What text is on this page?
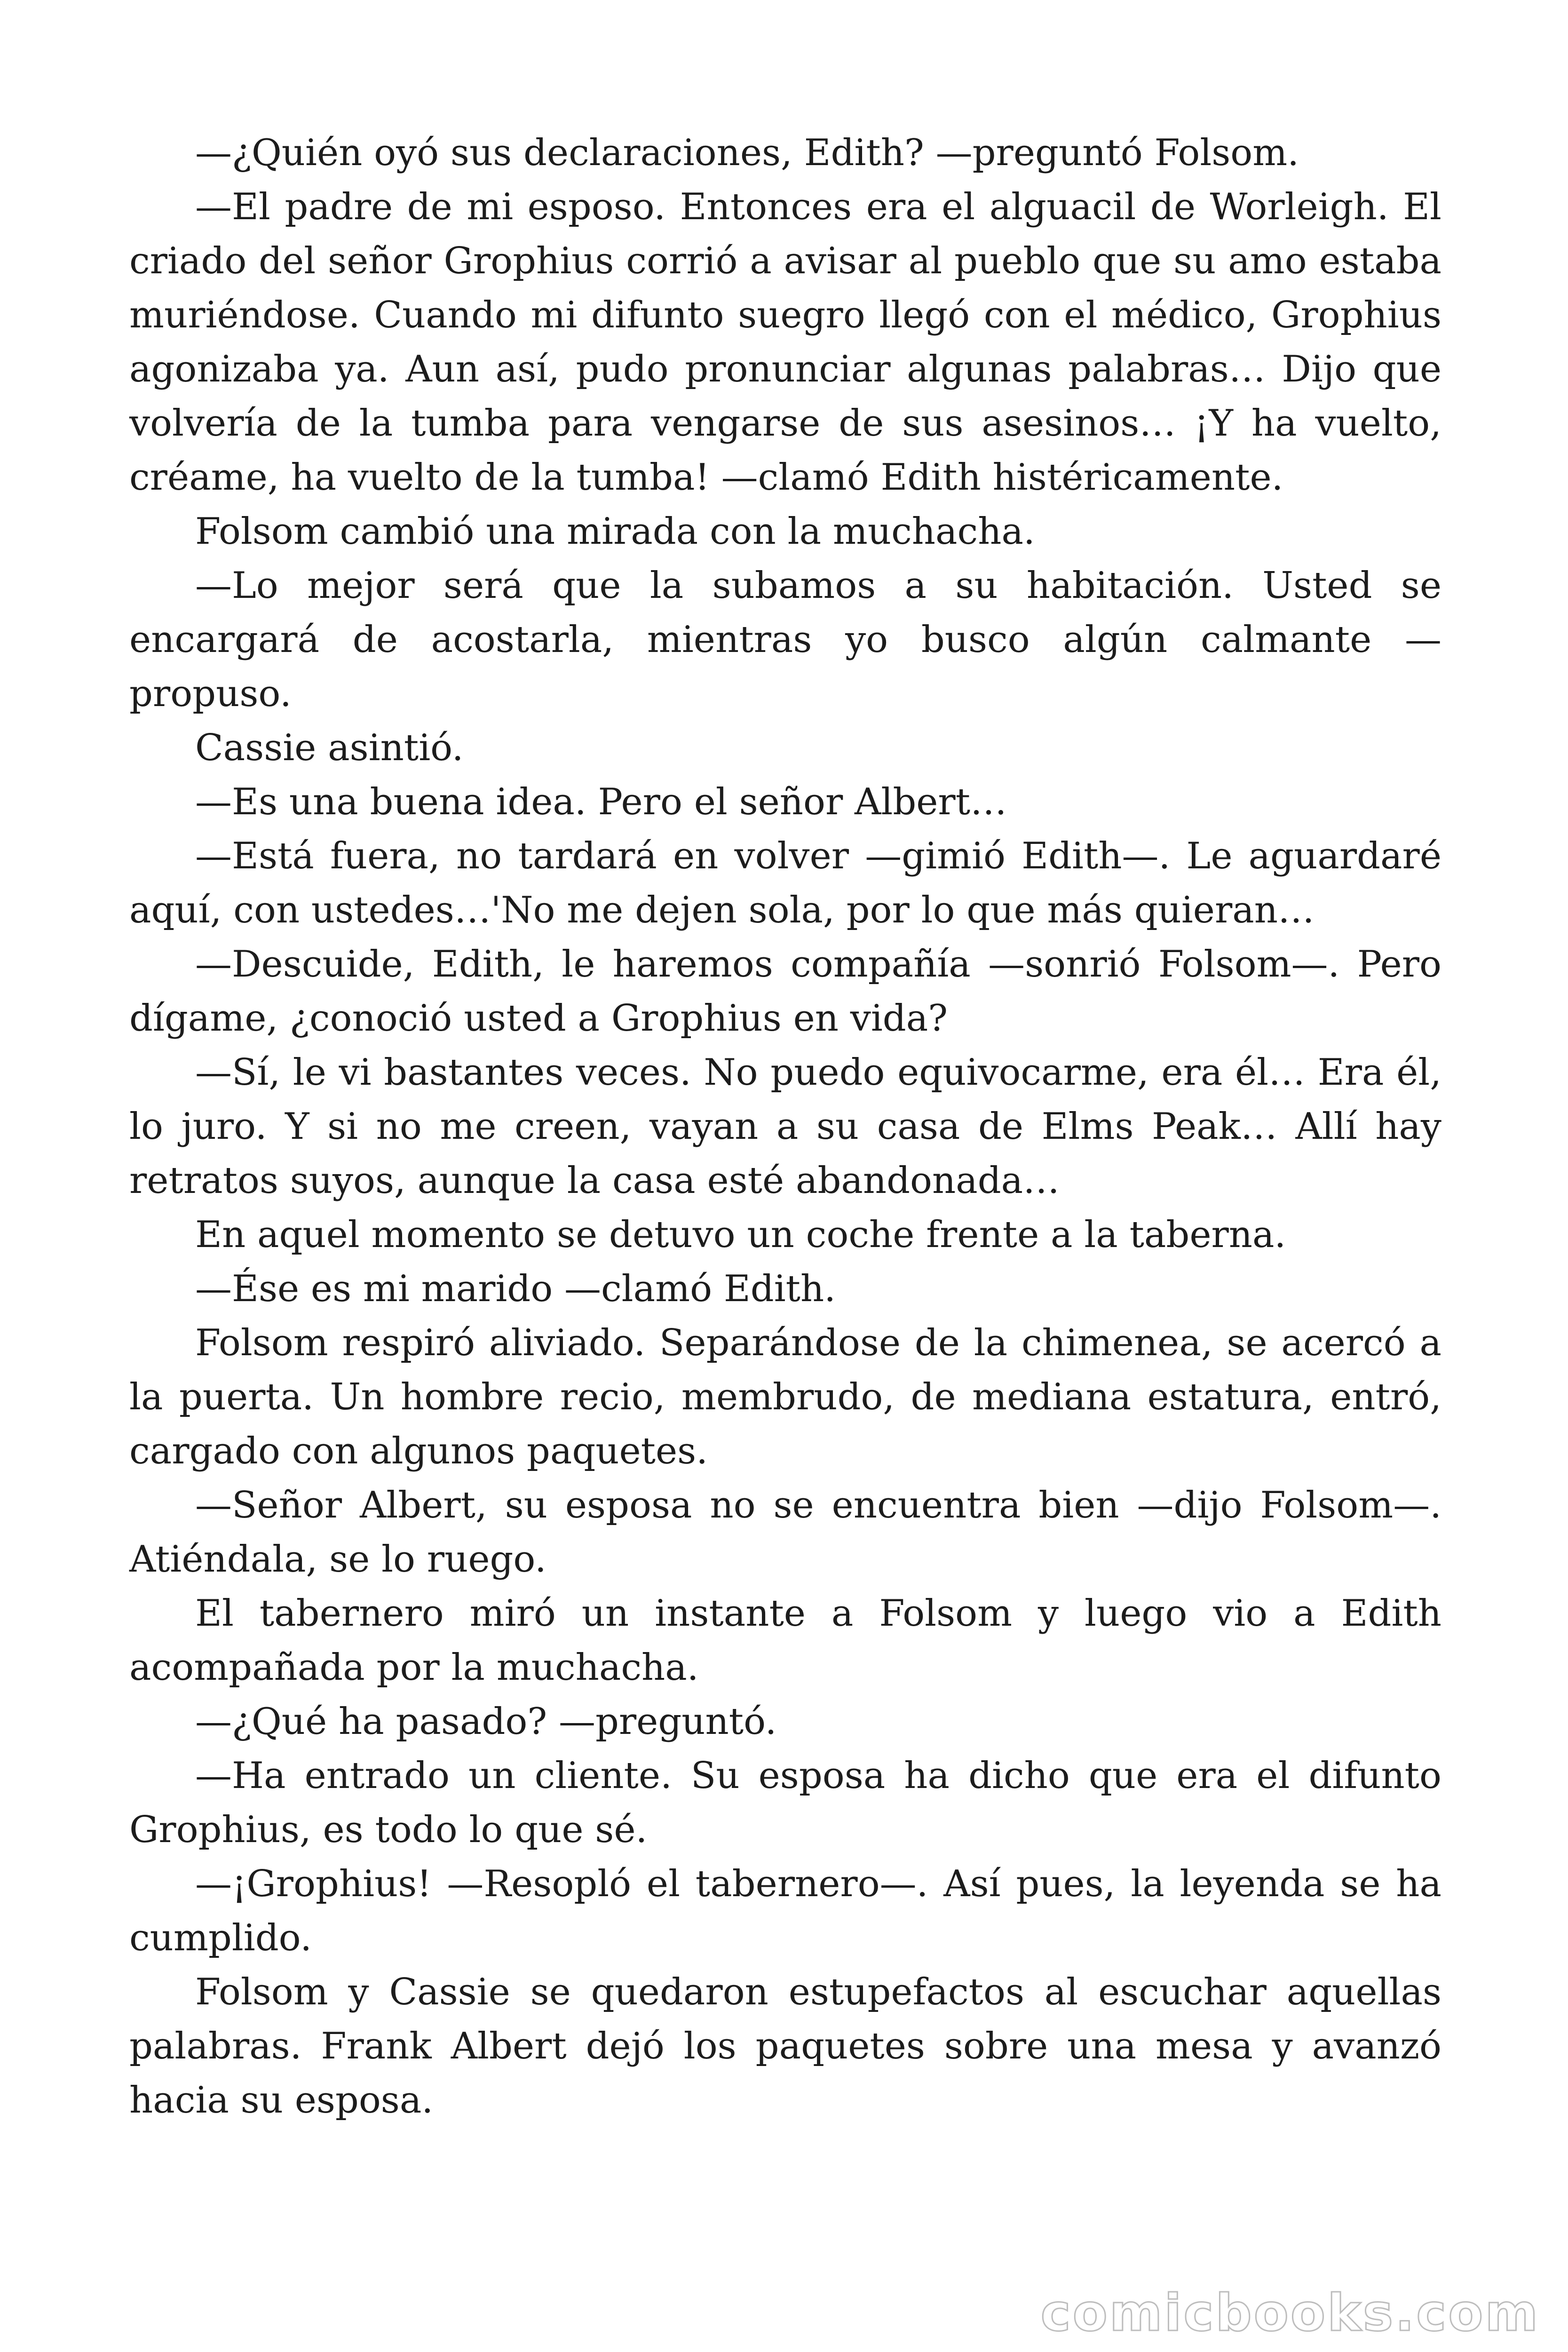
—¿Quién oyó sus declaraciones, Edith? —preguntó Folsom.

—El padre de mi esposo. Entonces era el alguacil de Worleigh. El criado del señor Grophius corrió a avisar al pueblo que su amo estaba muriéndose. Cuando mi difunto suegro llegó con el médico, Grophius agonizaba ya. Aun así, pudo pronunciar algunas palabras… Dijo que volvería de la tumba para vengarse de sus asesinos… ¡Y ha vuelto, créame, ha vuelto de la tumba! —clamó Edith histéricamente.

Folsom cambió una mirada con la muchacha.

—Lo mejor será que la subamos a su habitación. Usted se encargará de acostarla, mientras yo busco algún calmante — propuso.

Cassie asintió.

—Es una buena idea. Pero el señor Albert…

—Está fuera, no tardará en volver —gimió Edith—. Le aguardaré aquí, con ustedes…'No me dejen sola, por lo que más quieran…

—Descuide, Edith, le haremos compañía —sonrió Folsom—. Pero dígame, ¿conoció usted a Grophius en vida?

—Sí, le vi bastantes veces. No puedo equivocarme, era él… Era él, lo juro. Y si no me creen, vayan a su casa de Elms Peak… Allí hay retratos suyos, aunque la casa esté abandonada…

En aquel momento se detuvo un coche frente a la taberna.

—Ése es mi marido —clamó Edith.

Folsom respiró aliviado. Separándose de la chimenea, se acercó a la puerta. Un hombre recio, membrudo, de mediana estatura, entró, cargado con algunos paquetes.

—Señor Albert, su esposa no se encuentra bien —dijo Folsom—. Atiéndala, se lo ruego.

El tabernero miró un instante a Folsom y luego vio a Edith acompañada por la muchacha.

—¿Qué ha pasado? —preguntó.

—Ha entrado un cliente. Su esposa ha dicho que era el difunto Grophius, es todo lo que sé.

—¡Grophius! —Resopló el tabernero—. Así pues, la leyenda se ha cumplido.

Folsom y Cassie se quedaron estupefactos al escuchar aquellas palabras. Frank Albert dejó los paquetes sobre una mesa y avanzó hacia su esposa.

comicbooks.com
